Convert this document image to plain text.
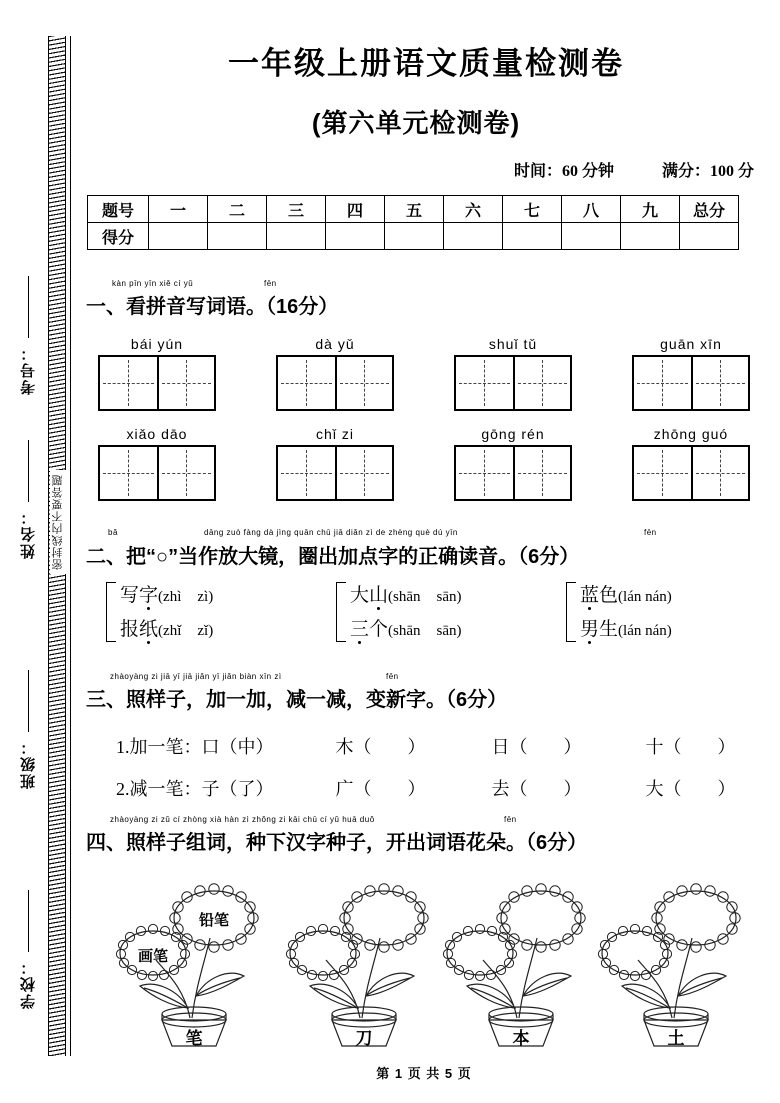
密封线内不要答题
考号：
姓名：
班级：
学校：
一年级上册语文质量检测卷
(第六单元检测卷)
时间：60 分钟	满分：100 分
题号	一	二	三	四	五	六	七	八	九	总分
得分										
kàn pīn yīn xiě cí yǔ	fēn
一、看拼音写词语。（16分）
bái yún	dà yǔ	shuǐ tǔ	guān xīn
xiǎo dāo	chǐ zi	gōng rén	zhōng guó
bǎ	dāng zuò fàng dà jìng quān chū jiā diǎn zì de zhèng què dú yīn	fēn
二、把“○”当作放大镜，圈出加点字的正确读音。（6分）
写字(zhì zì)
报纸(zhǐ zǐ)
大山(shān sān)
三个(shān sān)
蓝色(lán nán)
男生(lán nán)
zhàoyàng zi jiā yī jiā jiǎn yī jiǎn biàn xīn zì	fēn
三、照样子，加一加，减一减，变新字。（6分）
1.加一笔：口（中）	木（　　）	日（　　）	十（　　）
2.减一笔：子（了）	广（　　）	去（　　）	大（　　）
zhàoyàng zi zǔ cí zhòng xià hàn zì zhǒng zi kāi chū cí yǔ huā duǒ	fēn
四、照样子组词，种下汉字种子，开出词语花朵。（6分）
笔
画笔
铅笔
刀	本	土
第 1 页 共 5 页
